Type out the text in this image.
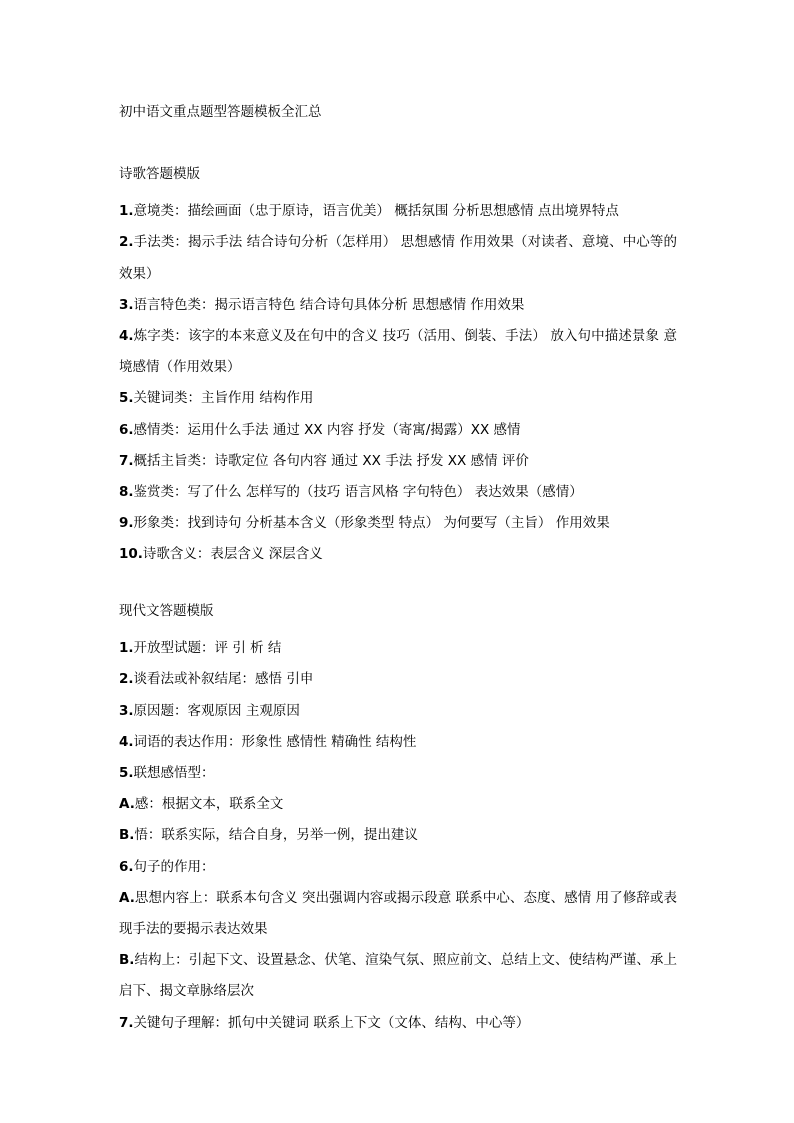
初中语文重点题型答题模板全汇总
诗歌答题模版

1.意境类：描绘画面（忠于原诗，语言优美） 概括氛围 分析思想感情 点出境界特点

2.手法类：揭示手法 结合诗句分析（怎样用） 思想感情 作用效果（对读者、意境、中心等的效果）

3.语言特色类：揭示语言特色 结合诗句具体分析 思想感情 作用效果

4.炼字类：该字的本来意义及在句中的含义 技巧（活用、倒装、手法） 放入句中描述景象 意境感情（作用效果）

5.关键词类：主旨作用 结构作用

6.感情类：运用什么手法 通过 XX 内容 抒发（寄寓/揭露）XX 感情

7.概括主旨类：诗歌定位 各句内容 通过 XX 手法 抒发 XX 感情 评价

8.鉴赏类：写了什么 怎样写的（技巧 语言风格 字句特色） 表达效果（感情）

9.形象类：找到诗句 分析基本含义（形象类型 特点） 为何要写（主旨） 作用效果

10.诗歌含义：表层含义 深层含义

现代文答题模版

1.开放型试题：评 引 析 结

2.谈看法或补叙结尾：感悟 引申

3.原因题：客观原因 主观原因

4.词语的表达作用：形象性 感情性 精确性 结构性

5.联想感悟型：

A.感：根据文本，联系全文

B.悟：联系实际，结合自身，另举一例，提出建议

6.句子的作用：

A.思想内容上：联系本句含义 突出强调内容或揭示段意 联系中心、态度、感情 用了修辞或表现手法的要揭示表达效果

B.结构上：引起下文、设置悬念、伏笔、渲染气氛、照应前文、总结上文、使结构严谨、承上启下、揭文章脉络层次

7.关键句子理解：抓句中关键词 联系上下文（文体、结构、中心等）
